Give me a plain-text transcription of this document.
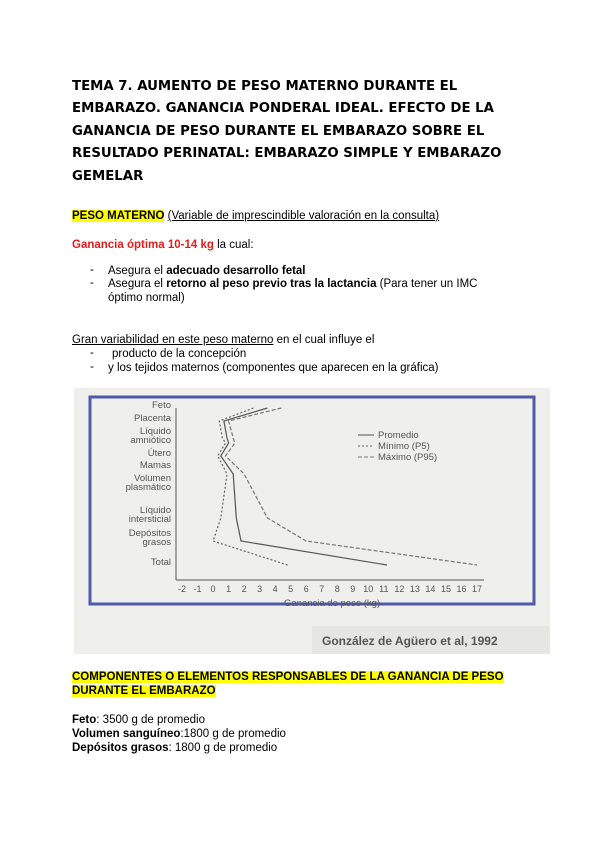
TEMA 7. AUMENTO DE PESO MATERNO DURANTE EL EMBARAZO. GANANCIA PONDERAL IDEAL. EFECTO DE LA GANANCIA DE PESO DURANTE EL EMBARAZO SOBRE EL RESULTADO PERINATAL: EMBARAZO SIMPLE Y EMBARAZO GEMELAR
PESO MATERNO (Variable de imprescindible valoración en la consulta)
Ganancia óptima 10-14 kg la cual:
- Asegura el adecuado desarrollo fetal
- Asegura el retorno al peso previo tras la lactancia (Para tener un IMC
óptimo normal)
Gran variabilidad en este peso materno en el cual influye el
- producto de la concepción
- y los tejidos maternos (componentes que aparecen en la gráfica)
González de Agüero et al, 1992
Feto
Placenta
Líquido
amniótico
Útero
Mamas
Volumen
plasmático
Líquido
intersticial
Depósitos
grasos
Total
-2 -1 0 1 2 3 4 5 6 7 8 9 10 11 12 13 14 15 16 17
Ganancia de peso (kg)
Promedio
Mínimo (P5)
Máximo (P95)
COMPONENTES O ELEMENTOS RESPONSABLES DE LA GANANCIA DE PESO
DURANTE EL EMBARAZO
Feto: 3500 g de promedio
Volumen sanguíneo:1800 g de promedio
Depósitos grasos: 1800 g de promedio
